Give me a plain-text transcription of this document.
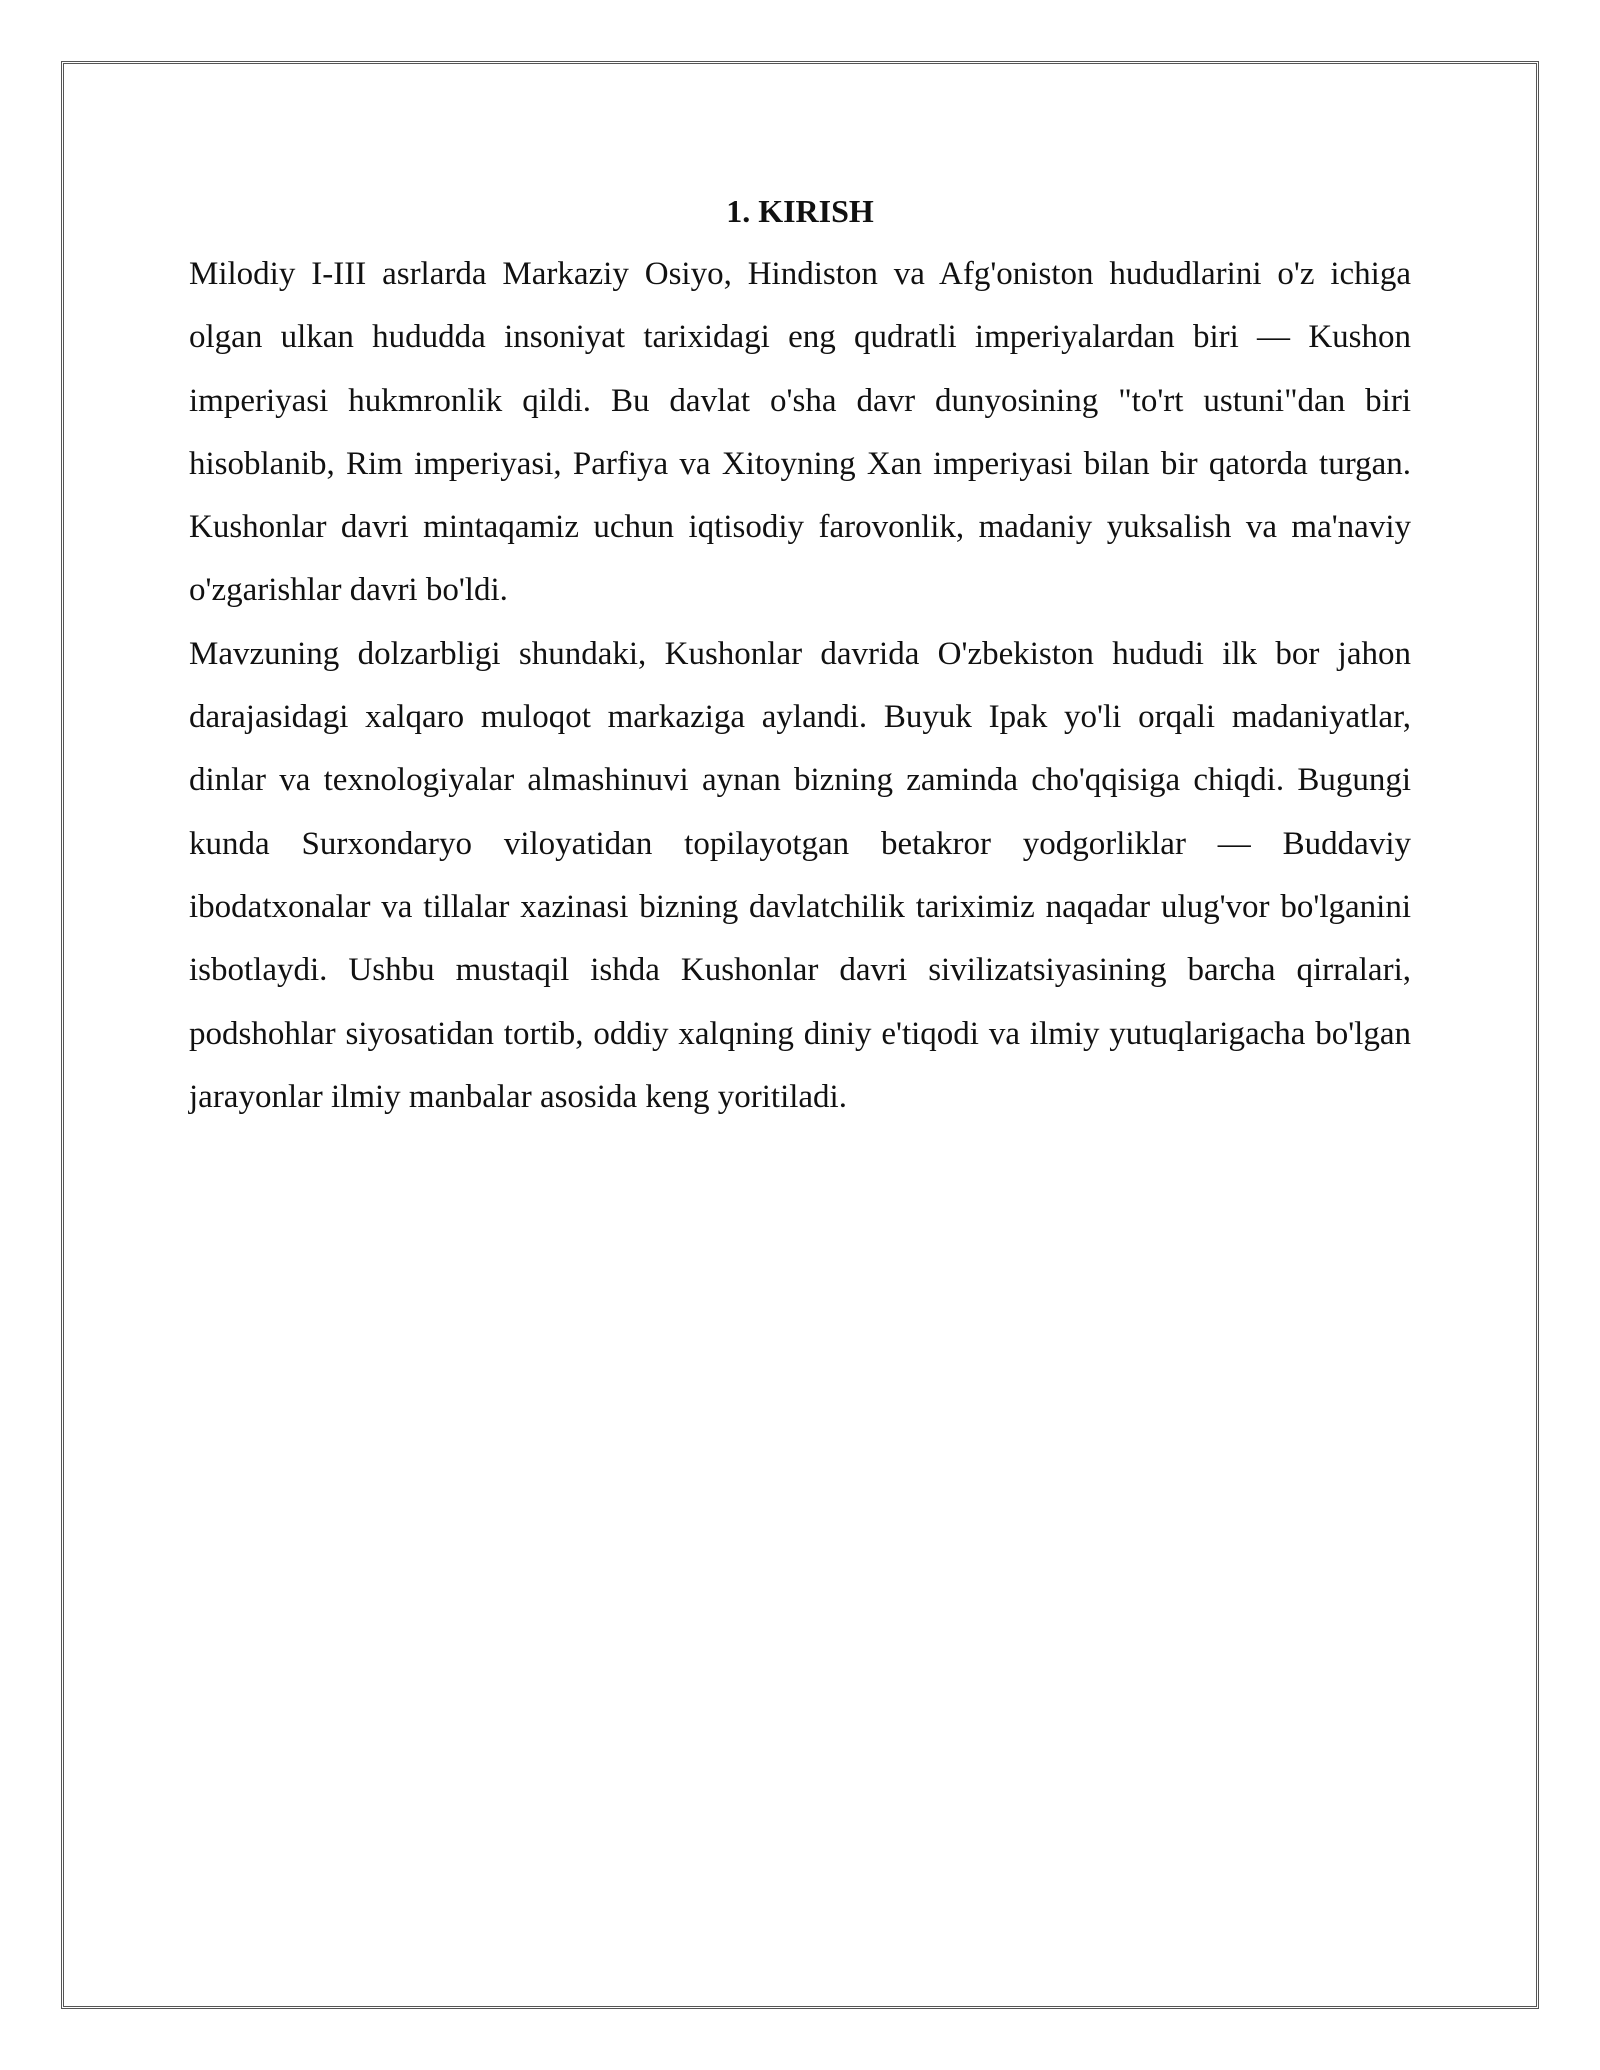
1. KIRISH

Milodiy I-III asrlarda Markaziy Osiyo, Hindiston va Afg'oniston hududlarini o'z ichiga olgan ulkan hududda insoniyat tarixidagi eng qudratli imperiyalardan biri — Kushon imperiyasi hukmronlik qildi. Bu davlat o'sha davr dunyosining "to'rt ustuni"dan biri hisoblanib, Rim imperiyasi, Parfiya va Xitoyning Xan imperiyasi bilan bir qatorda turgan. Kushonlar davri mintaqamiz uchun iqtisodiy farovonlik, madaniy yuksalish va ma'naviy o'zgarishlar davri bo'ldi.

Mavzuning dolzarbligi shundaki, Kushonlar davrida O'zbekiston hududi ilk bor jahon darajasidagi xalqaro muloqot markaziga aylandi. Buyuk Ipak yo'li orqali madaniyatlar, dinlar va texnologiyalar almashinuvi aynan bizning zaminda cho'qqisiga chiqdi. Bugungi kunda Surxondaryo viloyatidan topilayotgan betakror yodgorliklar — Buddaviy ibodatxonalar va tillalar xazinasi bizning davlatchilik tariximiz naqadar ulug'vor bo'lganini isbotlaydi. Ushbu mustaqil ishda Kushonlar davri sivilizatsiyasining barcha qirralari, podshohlar siyosatidan tortib, oddiy xalqning diniy e'tiqodi va ilmiy yutuqlarigacha bo'lgan jarayonlar ilmiy manbalar asosida keng yoritiladi.
